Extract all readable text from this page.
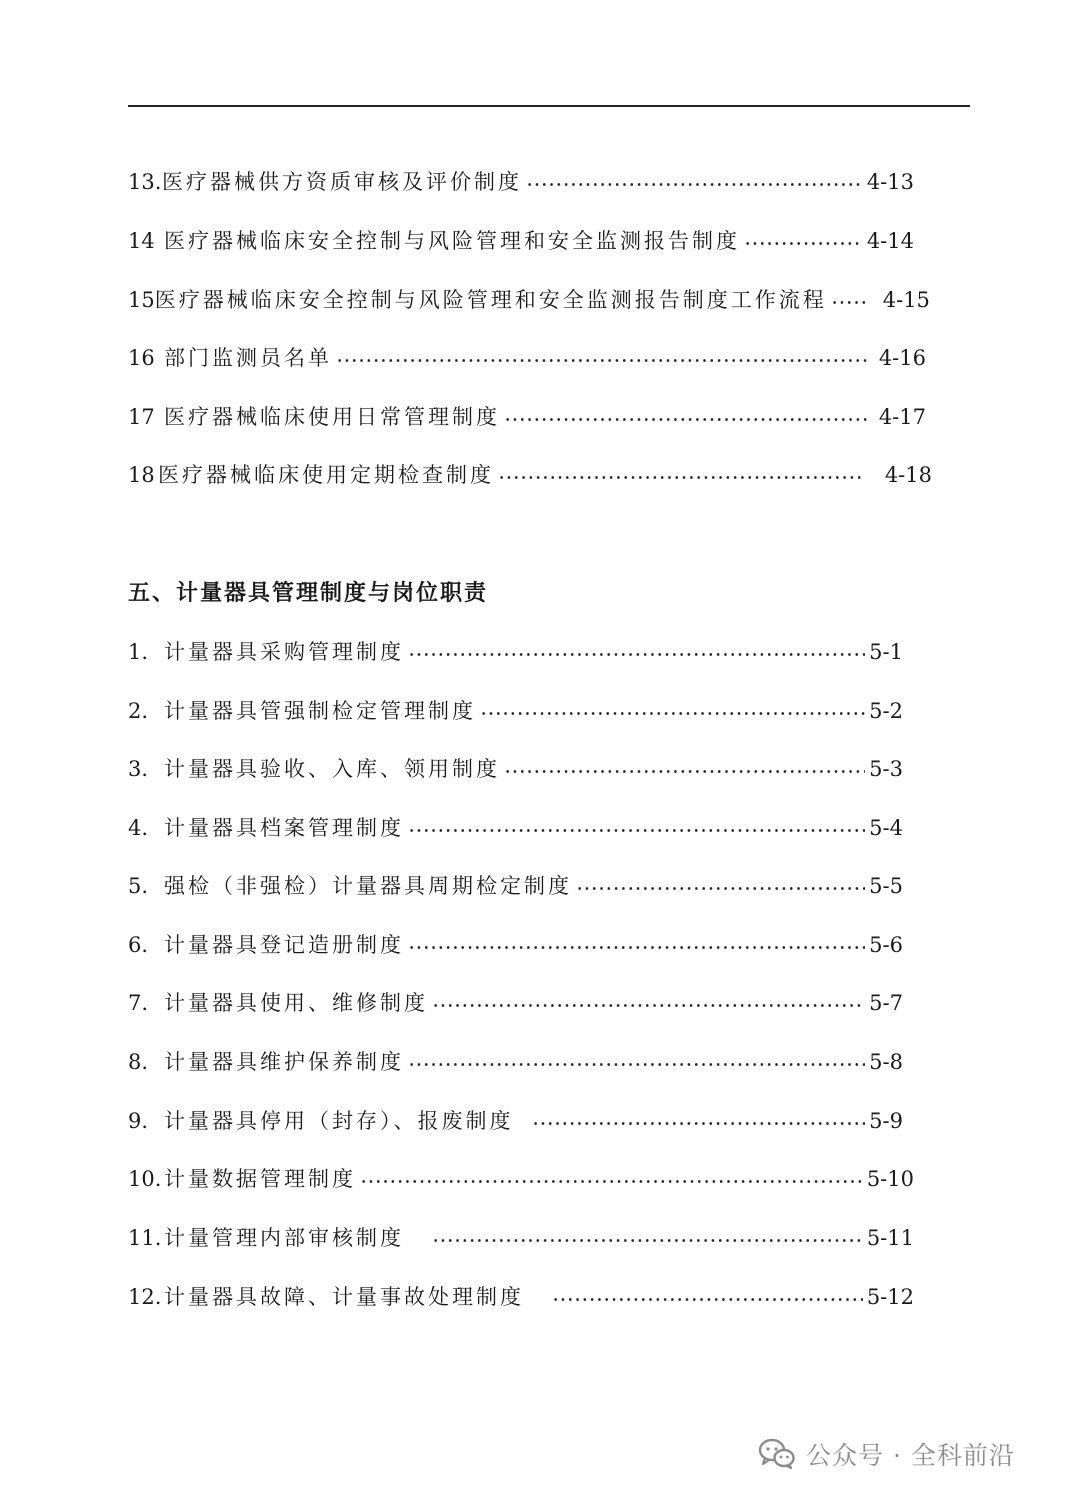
13. 医疗器械供方资质审核及评价制度	4-13
14 医疗器械临床安全控制与风险管理和安全监测报告制度	4-14
15 医疗器械临床安全控制与风险管理和安全监测报告制度工作流程	4-15
16 部门监测员名单	4-16
17 医疗器械临床使用日常管理制度	4-17
18 医疗器械临床使用定期检查制度	4-18
五、计量器具管理制度与岗位职责
1. 计量器具采购管理制度	5-1
2. 计量器具管强制检定管理制度	5-2
3. 计量器具验收、入库、领用制度	5-3
4. 计量器具档案管理制度	5-4
5. 强检（非强检）计量器具周期检定制度	5-5
6. 计量器具登记造册制度	5-6
7. 计量器具使用、维修制度	5-7
8. 计量器具维护保养制度	5-8
9. 计量器具停用（封存）、报废制度	5-9
10. 计量数据管理制度	5-10
11. 计量管理内部审核制度	5-11
12. 计量器具故障、计量事故处理制度	5-12
公众号 · 全科前沿
